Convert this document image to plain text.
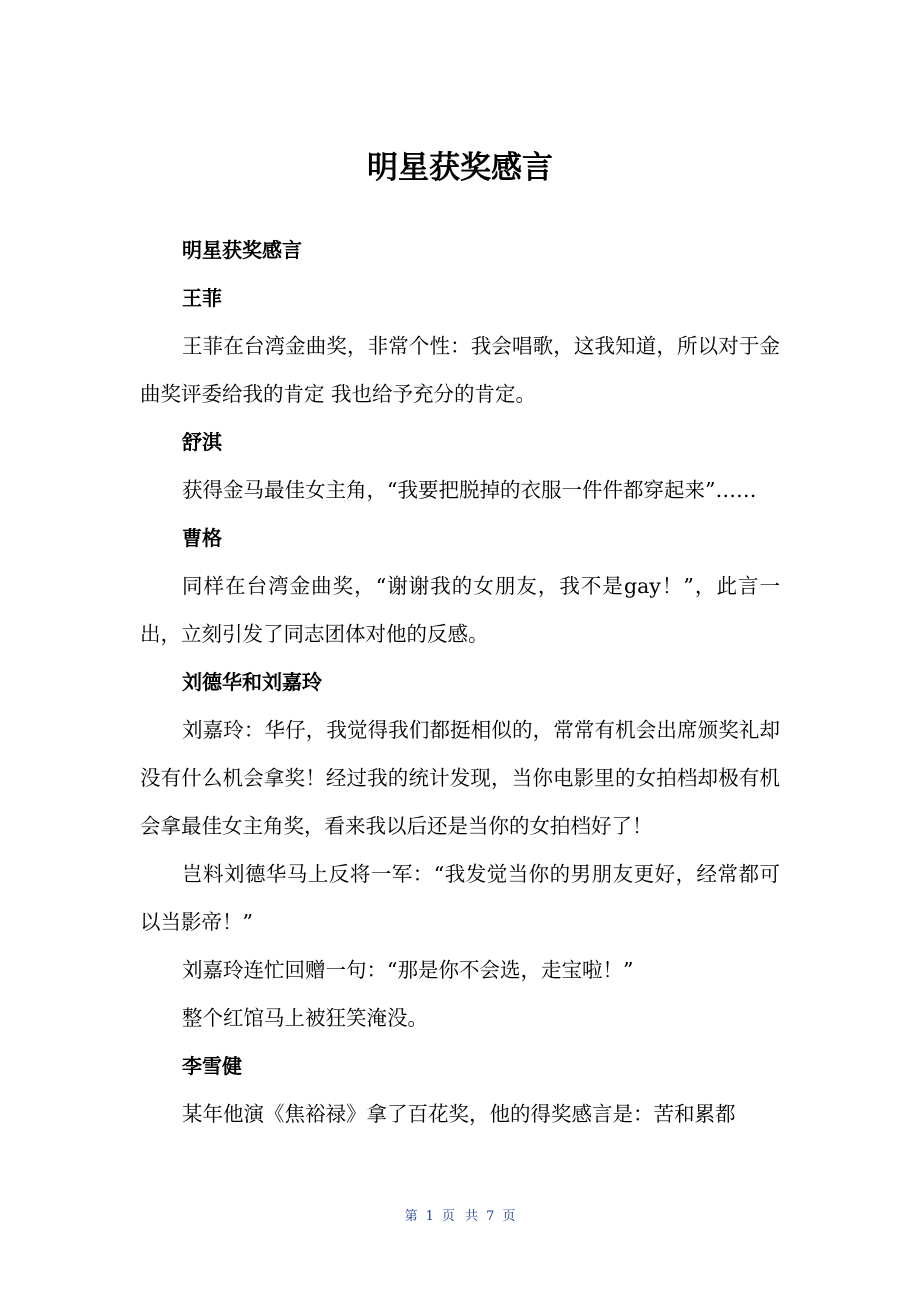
明星获奖感言
明星获奖感言
王菲

王菲在台湾金曲奖，非常个性：我会唱歌，这我知道，所以对于金曲奖评委给我的肯定 我也给予充分的肯定。

舒淇

获得金马最佳女主角，“我要把脱掉的衣服一件件都穿起来”……

曹格

同样在台湾金曲奖，“谢谢我的女朋友，我不是gay！”，此言一出，立刻引发了同志团体对他的反感。

刘德华和刘嘉玲

刘嘉玲：华仔，我觉得我们都挺相似的，常常有机会出席颁奖礼却没有什么机会拿奖！经过我的统计发现，当你电影里的女拍档却极有机会拿最佳女主角奖，看来我以后还是当你的女拍档好了！

岂料刘德华马上反将一军：“我发觉当你的男朋友更好，经常都可以当影帝！”

刘嘉玲连忙回赠一句：“那是你不会选，走宝啦！”

整个红馆马上被狂笑淹没。

李雪健

某年他演《焦裕禄》拿了百花奖，他的得奖感言是：苦和累都

第 1 页 共 7 页
